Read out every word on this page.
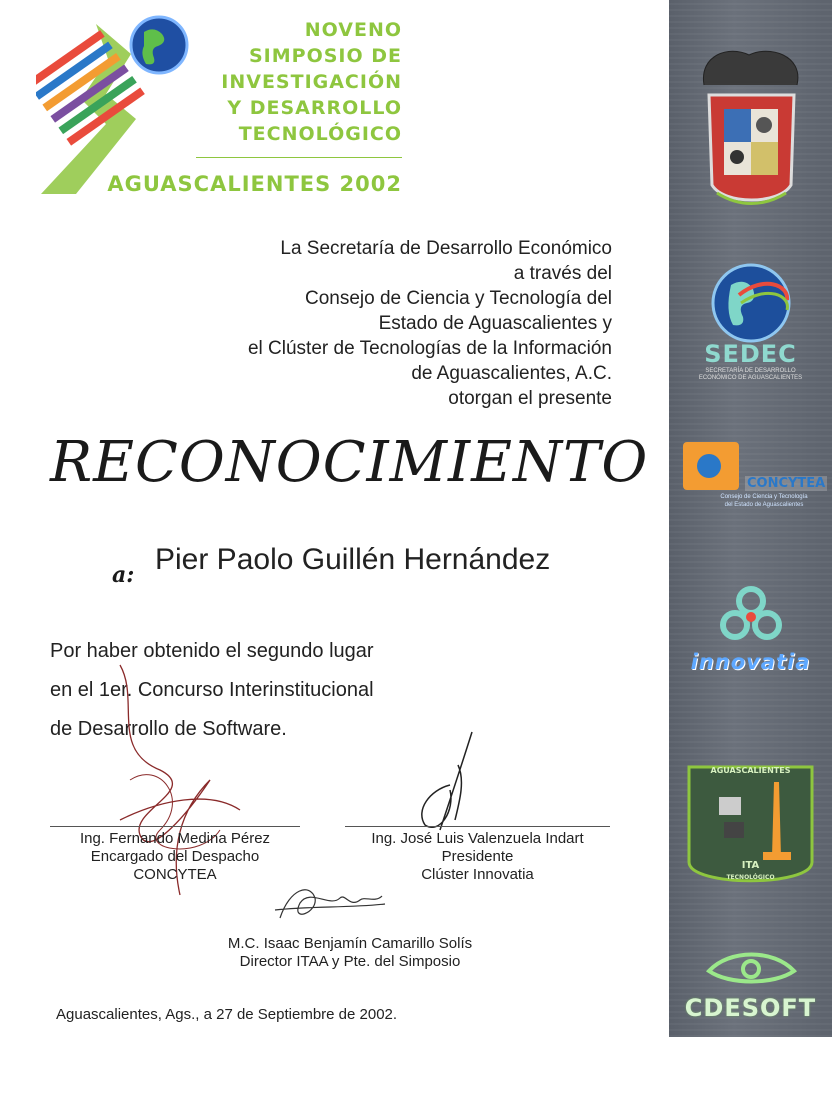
NOVENO
SIMPOSIO DE
INVESTIGACIÓN
Y DESARROLLO
TECNOLÓGICO
AGUASCALIENTES 2002
La Secretaría de Desarrollo Económico
a través del
Consejo de Ciencia y Tecnología del
Estado de Aguascalientes y
el Clúster de Tecnologías de la Información
de Aguascalientes, A.C.
otorgan el presente
RECONOCIMIENTO
a: Pier Paolo Guillén Hernández
Por haber obtenido el segundo lugar
en el 1er. Concurso Interinstitucional
de Desarrollo de Software.
Ing. Fernando Medina Pérez
Encargado del Despacho
CONCYTEA
Ing. José Luis Valenzuela Indart
Presidente
Clúster Innovatia
M.C. Isaac Benjamín Camarillo Solís
Director ITAA y Pte. del Simposio
Aguascalientes, Ags., a 27 de Septiembre de 2002.
SEDEC
SECRETARÍA DE DESARROLLO
ECONÓMICO DE AGUASCALIENTES
CONCYTEA
Consejo de Ciencia y Tecnología
del Estado de Aguascalientes
innovatia
AGUASCALIENTES
ITA
TECNOLÓGICO
CDESOFT
